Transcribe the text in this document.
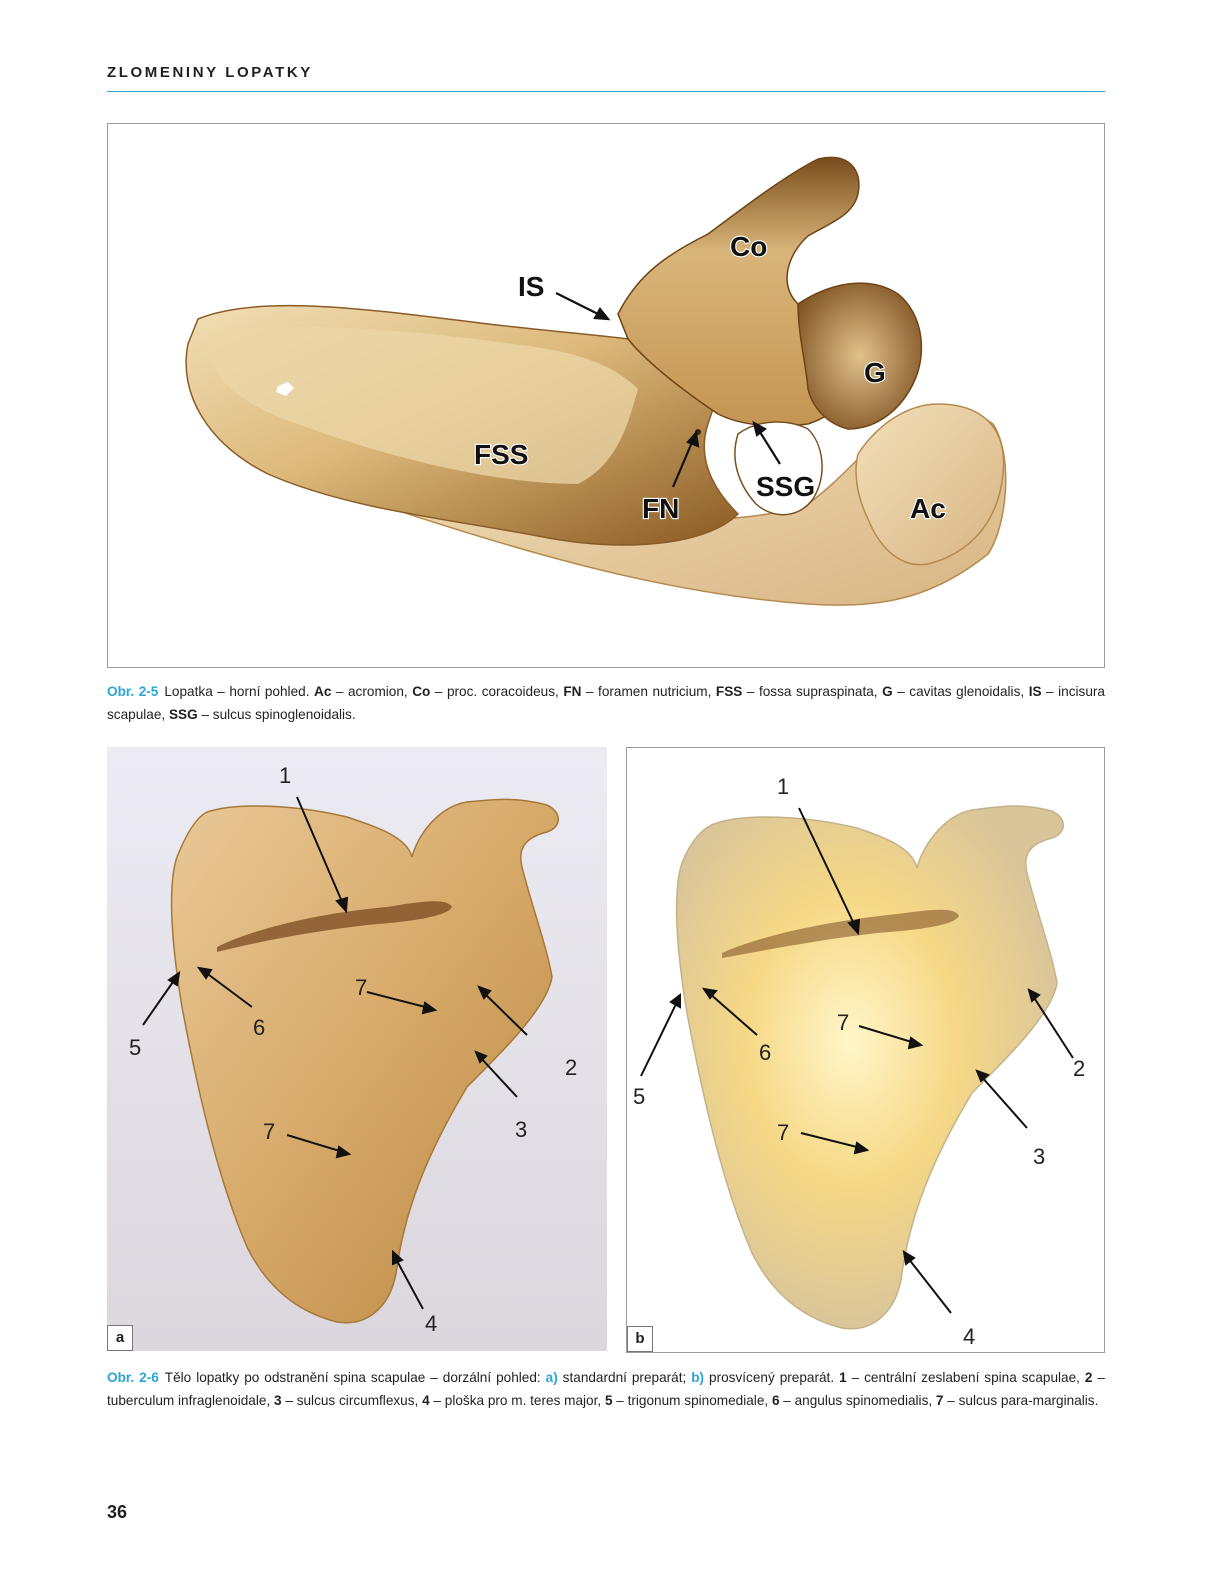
ZLOMENINY LOPATKY
IS
Co
G
FSS
FN
SSG
Ac
Obr. 2-5 Lopatka – horní pohled. Ac – acromion, Co – proc. coracoideus, FN – foramen nutricium, FSS – fossa supraspinata, G – cavitas glenoidalis, IS – incisura scapulae, SSG – sulcus spinoglenoidalis.
1
2
3
4
5
6
7
7
a
1
2
3
4
5
6
7
7
b
Obr. 2-6 Tělo lopatky po odstranění spina scapulae – dorzální pohled: a) standardní preparát; b) prosvícený preparát. 1 – centrální zeslabení spina scapulae, 2 – tuberculum infraglenoidale, 3 – sulcus circumflexus, 4 – ploška pro m. teres major, 5 – trigonum spinomediale, 6 – angulus spinomedialis, 7 – sulcus para-marginalis.
36
